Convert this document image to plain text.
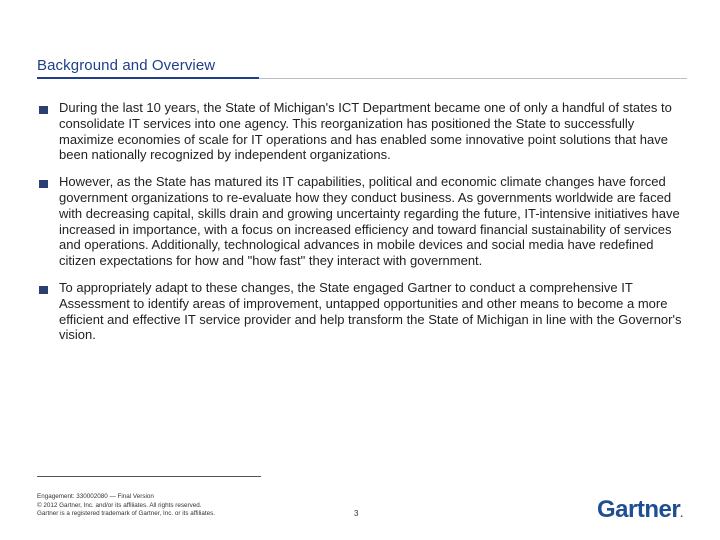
Background and Overview
During the last 10 years, the State of Michigan's ICT Department became one of only a handful of states to consolidate IT services into one agency. This reorganization has positioned the State to successfully maximize economies of scale for IT operations and has enabled some innovative point solutions that have been nationally recognized by independent organizations.
However, as the State has matured its IT capabilities, political and economic climate changes have forced government organizations to re-evaluate how they conduct business. As governments worldwide are faced with decreasing capital, skills drain and growing uncertainty regarding the future, IT-intensive initiatives have increased in importance, with a focus on increased efficiency and toward financial sustainability of services and operations. Additionally, technological advances in mobile devices and social media have redefined citizen expectations for how and "how fast" they interact with government.
To appropriately adapt to these changes, the State engaged Gartner to conduct a comprehensive IT Assessment to identify areas of improvement, untapped opportunities and other means to become a more efficient and effective IT service provider and help transform the State of Michigan in line with the Governor's vision.
Engagement: 330002080 — Final Version
© 2012 Gartner, Inc. and/or its affiliates. All rights reserved.
Gartner is a registered trademark of Gartner, Inc. or its affiliates.	3	Gartner.
